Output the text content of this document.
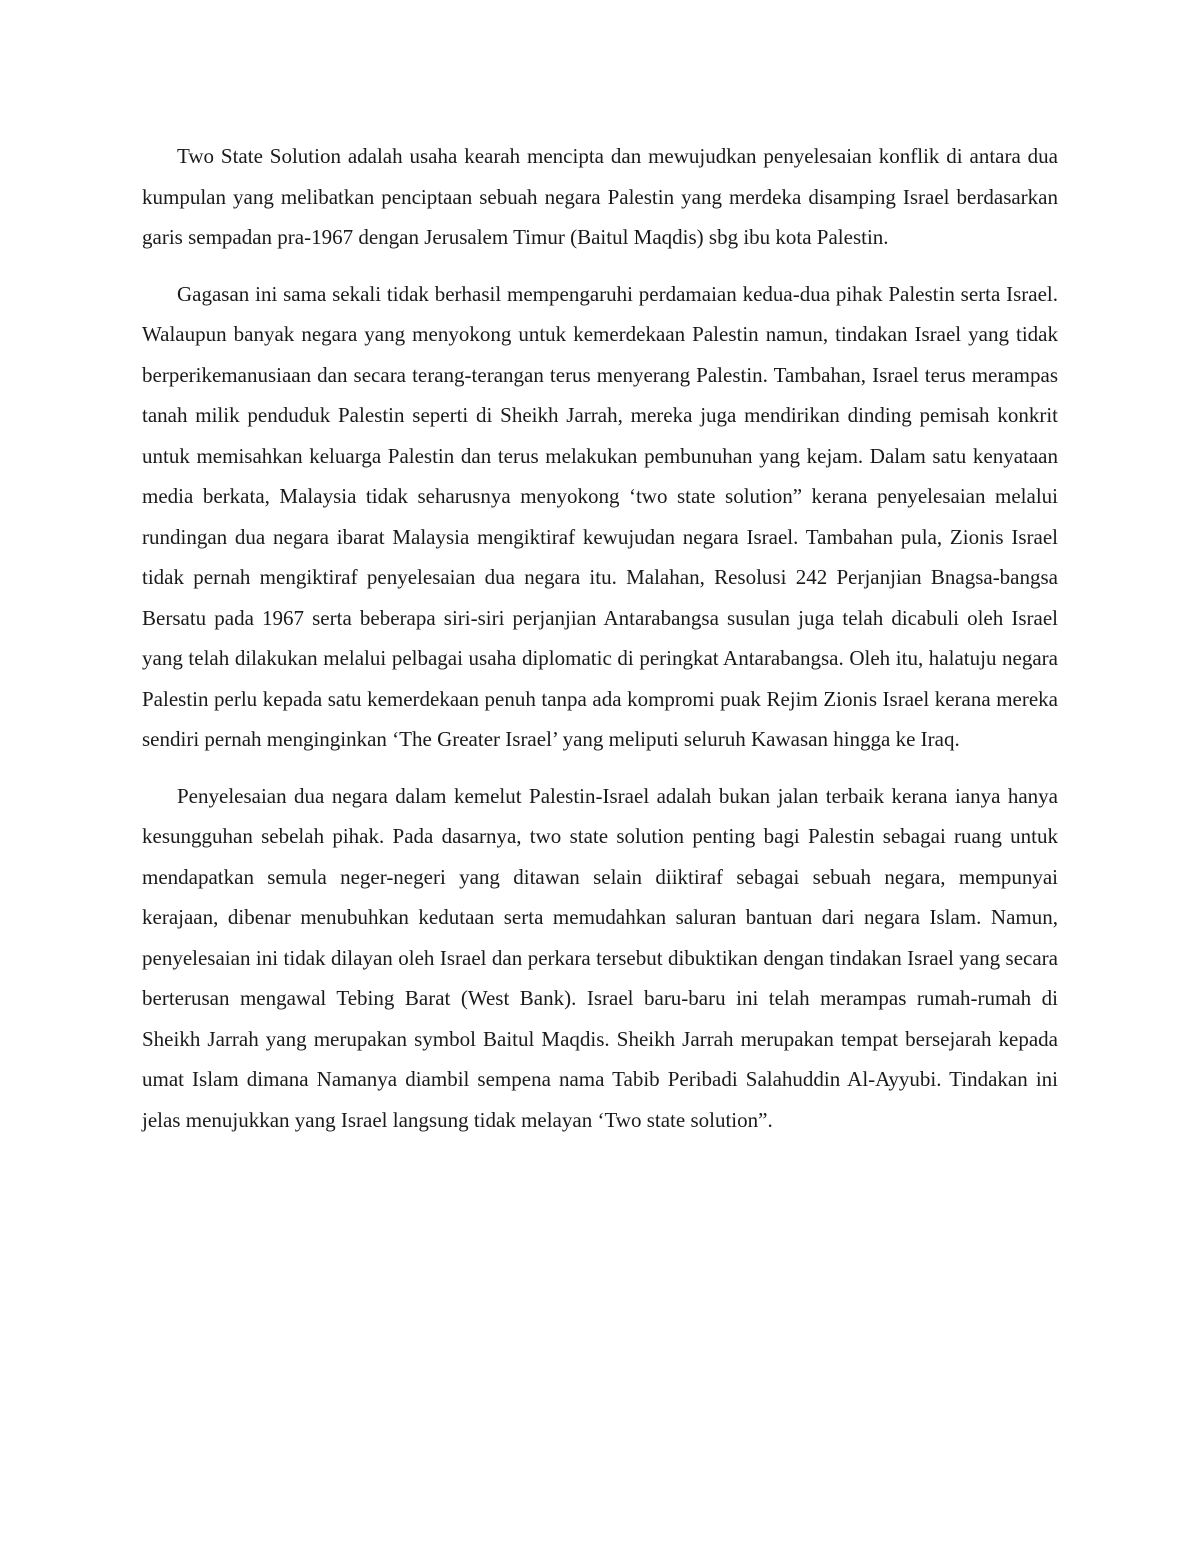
Two State Solution adalah usaha kearah mencipta dan mewujudkan penyelesaian konflik di antara dua kumpulan yang melibatkan penciptaan sebuah negara Palestin yang merdeka disamping Israel berdasarkan garis sempadan pra-1967 dengan Jerusalem Timur (Baitul Maqdis) sbg ibu kota Palestin.

Gagasan ini sama sekali tidak berhasil mempengaruhi perdamaian kedua-dua pihak Palestin serta Israel. Walaupun banyak negara yang menyokong untuk kemerdekaan Palestin namun, tindakan Israel yang tidak berperikemanusiaan dan secara terang-terangan terus menyerang Palestin. Tambahan, Israel terus merampas tanah milik penduduk Palestin seperti di Sheikh Jarrah, mereka juga mendirikan dinding pemisah konkrit untuk memisahkan keluarga Palestin dan terus melakukan pembunuhan yang kejam. Dalam satu kenyataan media berkata, Malaysia tidak seharusnya menyokong ‘two state solution” kerana penyelesaian melalui rundingan dua negara ibarat Malaysia mengiktiraf kewujudan negara Israel. Tambahan pula, Zionis Israel tidak pernah mengiktiraf penyelesaian dua negara itu. Malahan, Resolusi 242 Perjanjian Bnagsa-bangsa Bersatu pada 1967 serta beberapa siri-siri perjanjian Antarabangsa susulan juga telah dicabuli oleh Israel yang telah dilakukan melalui pelbagai usaha diplomatic di peringkat Antarabangsa. Oleh itu, halatuju negara Palestin perlu kepada satu kemerdekaan penuh tanpa ada kompromi puak Rejim Zionis Israel kerana mereka sendiri pernah menginginkan ‘The Greater Israel’ yang meliputi seluruh Kawasan hingga ke Iraq.

Penyelesaian dua negara dalam kemelut Palestin-Israel adalah bukan jalan terbaik kerana ianya hanya kesungguhan sebelah pihak. Pada dasarnya, two state solution penting bagi Palestin sebagai ruang untuk mendapatkan semula neger-negeri yang ditawan selain diiktiraf sebagai sebuah negara, mempunyai kerajaan, dibenar menubuhkan kedutaan serta memudahkan saluran bantuan dari negara Islam. Namun, penyelesaian ini tidak dilayan oleh Israel dan perkara tersebut dibuktikan dengan tindakan Israel yang secara berterusan mengawal Tebing Barat (West Bank). Israel baru-baru ini telah merampas rumah-rumah di Sheikh Jarrah yang merupakan symbol Baitul Maqdis. Sheikh Jarrah merupakan tempat bersejarah kepada umat Islam dimana Namanya diambil sempena nama Tabib Peribadi Salahuddin Al-Ayyubi. Tindakan ini jelas menujukkan yang Israel langsung tidak melayan ‘Two state solution”.
